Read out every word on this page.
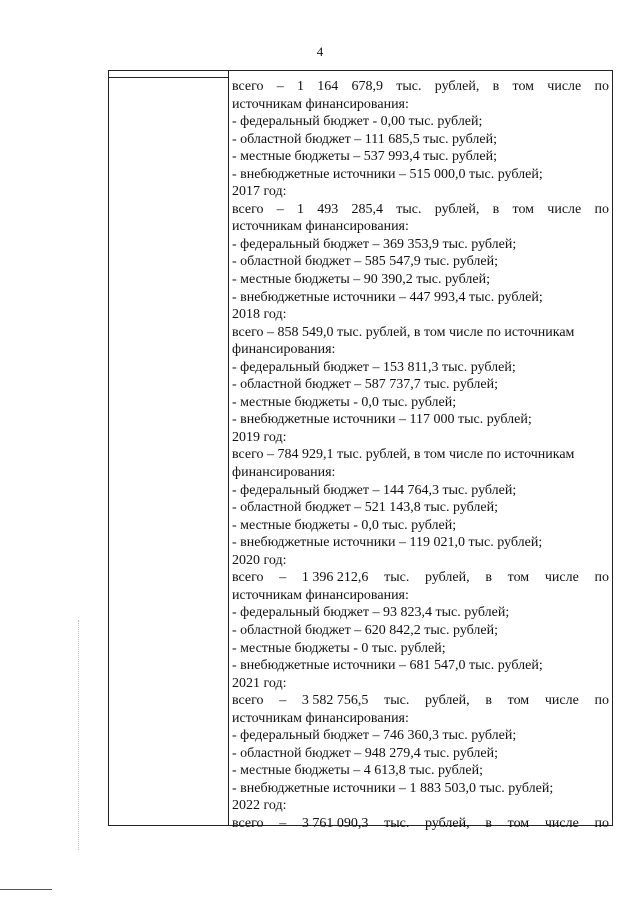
4
всего – 1 164 678,9 тыс. рублей, в том числе по
источникам финансирования:
- федеральный бюджет - 0,00 тыс. рублей;
- областной бюджет – 111 685,5 тыс. рублей;
- местные бюджеты – 537 993,4 тыс. рублей;
- внебюджетные источники – 515 000,0 тыс. рублей;
2017 год:
всего – 1 493 285,4 тыс. рублей, в том числе по
источникам финансирования:
- федеральный бюджет – 369 353,9 тыс. рублей;
- областной бюджет – 585 547,9 тыс. рублей;
- местные бюджеты – 90 390,2 тыс. рублей;
- внебюджетные источники – 447 993,4 тыс. рублей;
2018 год:
всего – 858 549,0 тыс. рублей, в том числе по источникам
финансирования:
- федеральный бюджет – 153 811,3 тыс. рублей;
- областной бюджет – 587 737,7 тыс. рублей;
- местные бюджеты - 0,0 тыс. рублей;
- внебюджетные источники – 117 000 тыс. рублей;
2019 год:
всего – 784 929,1 тыс. рублей, в том числе по источникам
финансирования:
- федеральный бюджет – 144 764,3 тыс. рублей;
- областной бюджет – 521 143,8 тыс. рублей;
- местные бюджеты - 0,0 тыс. рублей;
- внебюджетные источники – 119 021,0 тыс. рублей;
2020 год:
всего – 1 396 212,6 тыс. рублей, в том числе по
источникам финансирования:
- федеральный бюджет – 93 823,4 тыс. рублей;
- областной бюджет – 620 842,2 тыс. рублей;
- местные бюджеты - 0 тыс. рублей;
- внебюджетные источники – 681 547,0 тыс. рублей;
2021 год:
всего – 3 582 756,5 тыс. рублей, в том числе по
источникам финансирования:
- федеральный бюджет – 746 360,3 тыс. рублей;
- областной бюджет – 948 279,4 тыс. рублей;
- местные бюджеты – 4 613,8 тыс. рублей;
- внебюджетные источники – 1 883 503,0 тыс. рублей;
2022 год:
всего – 3 761 090,3 тыс. рублей, в том числе по
